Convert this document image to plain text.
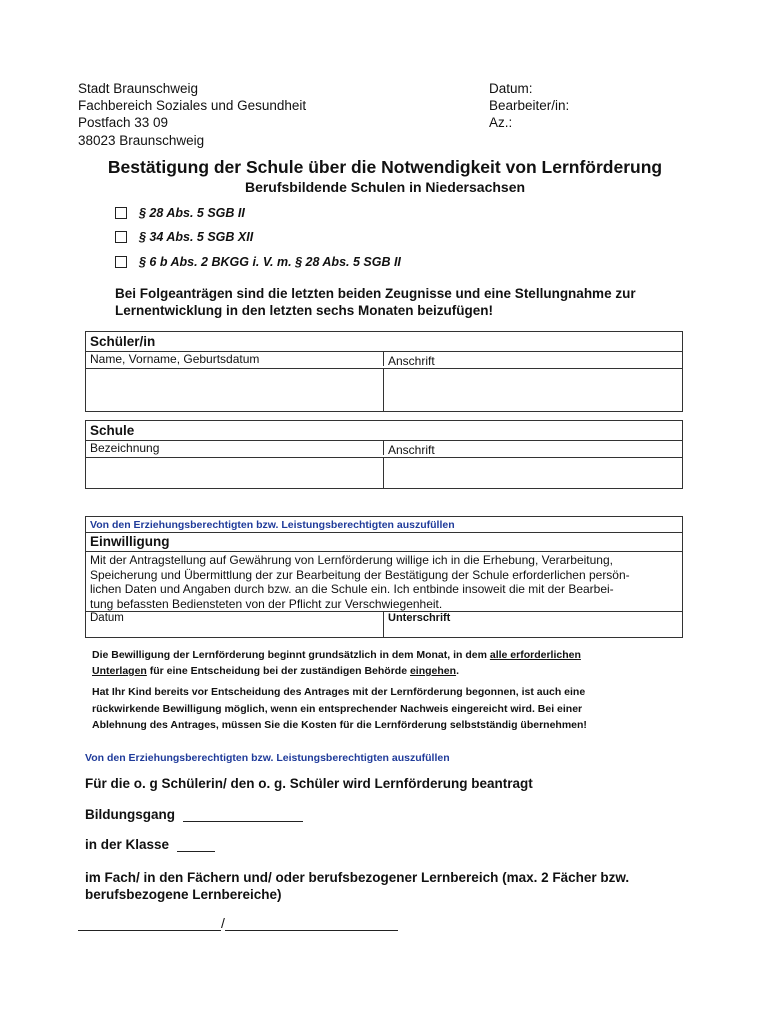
Stadt Braunschweig
Fachbereich Soziales und Gesundheit
Postfach 33 09
38023 Braunschweig
Datum:
Bearbeiter/in:
Az.:
Bestätigung der Schule über die Notwendigkeit von Lernförderung
Berufsbildende Schulen in Niedersachsen
§ 28 Abs. 5 SGB II
§ 34 Abs. 5 SGB XII
§ 6 b Abs. 2 BKGG i. V. m. § 28 Abs. 5 SGB II
Bei Folgeanträgen sind die letzten beiden Zeugnisse und eine Stellungnahme zur Lernentwicklung in den letzten sechs Monaten beizufügen!
Schüler/in
Name, Vorname, Geburtsdatum	Anschrift
Schule
Bezeichnung	Anschrift
Von den Erziehungsberechtigten bzw. Leistungsberechtigten auszufüllen
Einwilligung
Mit der Antragstellung auf Gewährung von Lernförderung willige ich in die Erhebung, Verarbeitung,
Speicherung und Übermittlung der zur Bearbeitung der Bestätigung der Schule erforderlichen persön-
lichen Daten und Angaben durch bzw. an die Schule ein. Ich entbinde insoweit die mit der Bearbei-
tung befassten Bediensteten von der Pflicht zur Verschwiegenheit.
Datum	Unterschrift
Die Bewilligung der Lernförderung beginnt grundsätzlich in dem Monat, in dem alle erforderlichen
Unterlagen für eine Entscheidung bei der zuständigen Behörde eingehen.
Hat Ihr Kind bereits vor Entscheidung des Antrages mit der Lernförderung begonnen, ist auch eine
rückwirkende Bewilligung möglich, wenn ein entsprechender Nachweis eingereicht wird. Bei einer
Ablehnung des Antrages, müssen Sie die Kosten für die Lernförderung selbstständig übernehmen!
Von den Erziehungsberechtigten bzw. Leistungsberechtigten auszufüllen
Für die o. g Schülerin/ den o. g. Schüler wird Lernförderung beantragt
Bildungsgang
in der Klasse
im Fach/ in den Fächern und/ oder berufsbezogener Lernbereich (max. 2 Fächer bzw.
berufsbezogene Lernbereiche)
/
